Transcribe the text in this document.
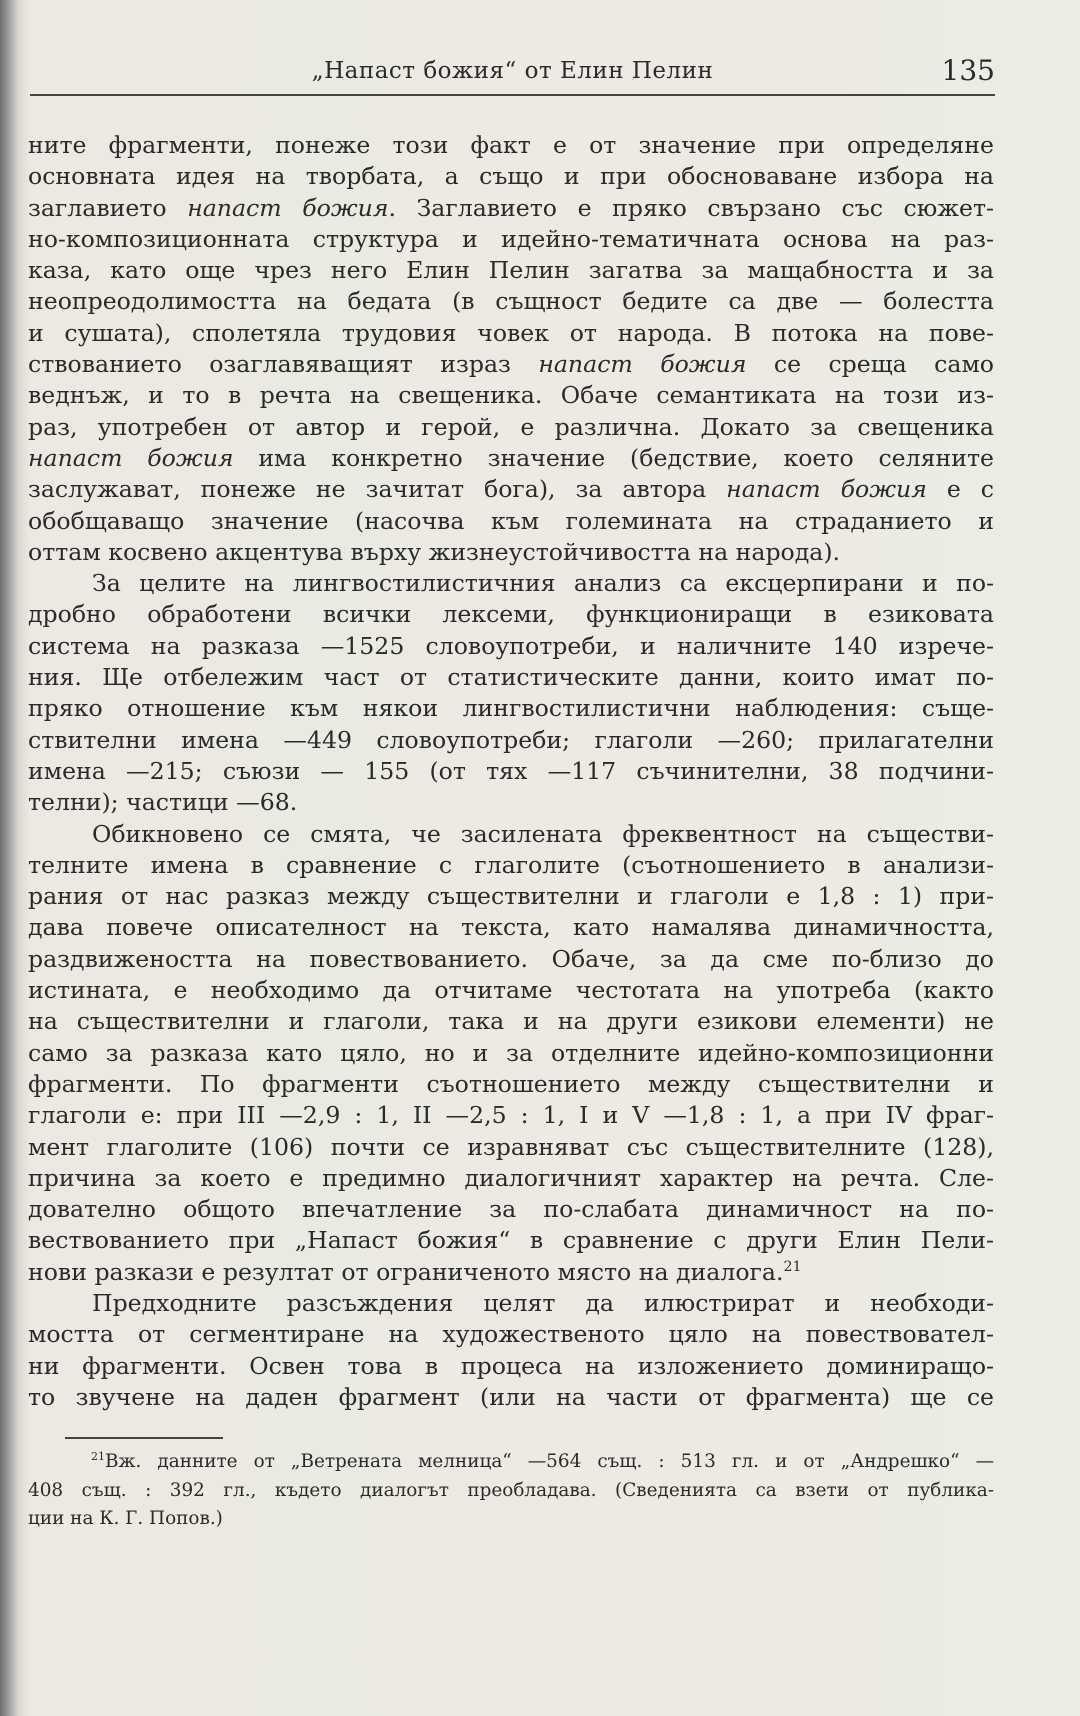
„Напаст божия“ от Елин Пелин	135
ните фрагменти, понеже този факт е от значение при определяне
основната идея на творбата, а също и при обосноваване избора на
заглавието напаст божия. Заглавието е пряко свързано със сюжет-
но-композиционната структура и идейно-тематичната основа на раз-
каза, като още чрез него Елин Пелин загатва за мащабността и за
неопреодолимостта на бедата (в същност бедите са две — болестта
и сушата), сполетяла трудовия човек от народа. В потока на пове-
ствованието озаглавяващият израз напаст божия се среща само
веднъж, и то в речта на свещеника. Обаче семантиката на този из-
раз, употребен от автор и герой, е различна. Докато за свещеника
напаст божия има конкретно значение (бедствие, което селяните
заслужават, понеже не зачитат бога), за автора напаст божия е с
обобщаващо значение (насочва към големината на страданието и
оттам косвено акцентува върху жизнеустойчивостта на народа).
За целите на лингвостилистичния анализ са ексцерпирани и по-
дробно обработени всички лексеми, функциониращи в езиковата
система на разказа —1525 словоупотреби, и наличните 140 изрече-
ния. Ще отбележим част от статистическите данни, които имат по-
пряко отношение към някои лингвостилистични наблюдения: съще-
ствителни имена —449 словоупотреби; глаголи —260; прилагателни
имена —215; съюзи — 155 (от тях —117 съчинителни, 38 подчини-
телни); частици —68.
Обикновено се смята, че засилената фреквентност на съществи-
телните имена в сравнение с глаголите (съотношението в анализи-
рания от нас разказ между съществителни и глаголи е 1,8 : 1) при-
дава повече описателност на текста, като намалява динамичността,
раздвижеността на повествованието. Обаче, за да сме по-близо до
истината, е необходимо да отчитаме честотата на употреба (както
на съществителни и глаголи, така и на други езикови елементи) не
само за разказа като цяло, но и за отделните идейно-композиционни
фрагменти. По фрагменти съотношението между съществителни и
глаголи е: при III —2,9 : 1, II —2,5 : 1, I и V —1,8 : 1, а при IV фраг-
мент глаголите (106) почти се изравняват със съществителните (128),
причина за което е предимно диалогичният характер на речта. Сле-
дователно общото впечатление за по-слабата динамичност на по-
вествованието при „Напаст божия“ в сравнение с други Елин Пели-
нови разкази е резултат от ограниченото място на диалога.$^{21}$
Предходните разсъждения целят да илюстрират и необходи-
мостта от сегментиране на художественото цяло на повествовател-
ни фрагменти. Освен това в процеса на изложението доминиращо-
то звучене на даден фрагмент (или на части от фрагмента) ще се
$^{21}$Вж. данните от „Ветрената мелница“ —564 същ. : 513 гл. и от „Андрешко“ —
408 същ. : 392 гл., където диалогът преобладава. (Сведенията са взети от публика-
ции на К. Г. Попов.)
